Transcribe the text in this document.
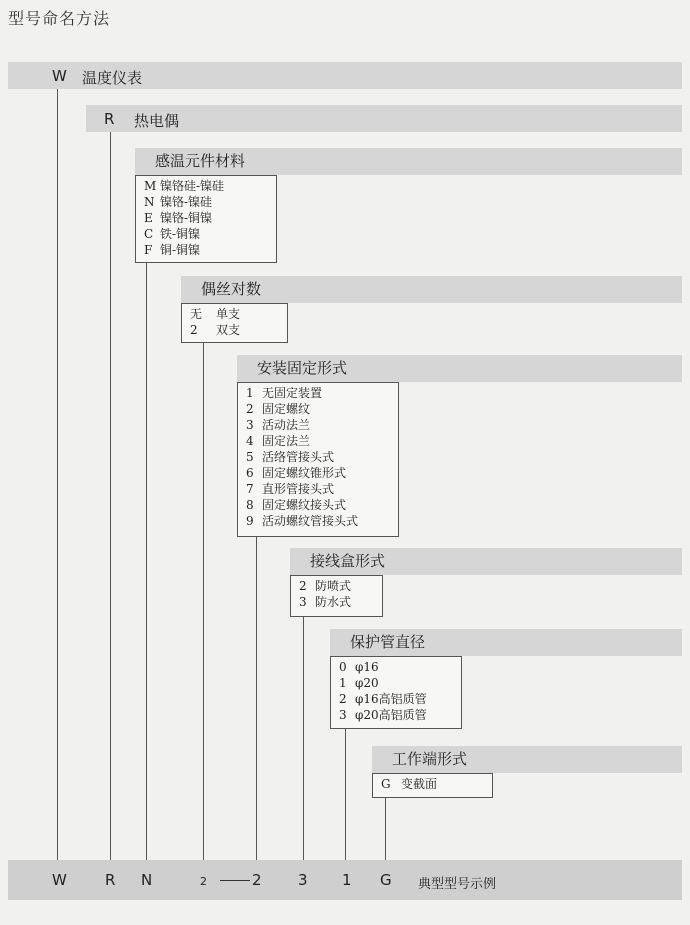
型号命名方法
W 温度仪表
R 热电偶
感温元件材料
M 镍铬硅-镍硅
N 镍铬-镍硅
E 镍铬-铜镍
C 铁-铜镍
F 铜-铜镍
偶丝对数
无 单支
2 双支
安装固定形式
1 无固定装置
2 固定螺纹
3 活动法兰
4 固定法兰
5 活络管接头式
6 固定螺纹锥形式
7 直形管接头式
8 固定螺纹接头式
9 活动螺纹管接头式
接线盒形式
2 防喷式
3 防水式
保护管直径
0 φ16
1 φ20
2 φ16高铝质管
3 φ20高铝质管
工作端形式
G 变截面
W	R N	2	2 3 1 G 典型型号示例
